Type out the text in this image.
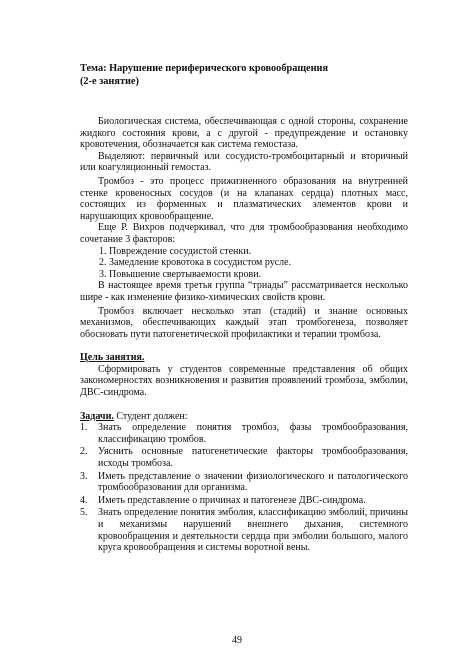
Тема: Нарушение периферического кровообращения
(2-е занятие)

Биологическая система, обеспечивающая с одной стороны, сохранение жидкого состояния крови, а с другой - предупреждение и остановку кровотечения, обозначается как система гемостаза.

Выделяют: первичный или сосудисто-тромбоцитарный и вторичный или коагуляционный гемостаз.

Тромбоз - это процесс прижизненного образования на внутренней стенке кровеносных сосудов (и на клапанах сердца) плотных масс, состоящих из форменных и плазматических элементов крови и нарушающих кровообращение.

Еще Р. Вихров подчеркивал, что для тромбообразования необходимо сочетание 3 факторов:

1. Повреждение сосудистой стенки.
2. Замедление кровотока в сосудистом русле.
3. Повышение свертываемости крови.

В настоящее время третья группа “триады” рассматривается несколько шире - как изменение физико-химических свойств крови.

Тромбоз включает несколько этап (стадий) и знание основных механизмов, обеспечивающих каждый этап тромбогенеза, позволяет обосновать пути патогенетической профилактики и терапии тромбоза.

Цель занятия.

Сформировать у студентов современные представления об общих закономерностях возникновения и развития проявлений тромбоза, эмболии, ДВС-синдрома.

Задачи. Студент должен:
1.	Знать определение понятия тромбоз, фазы тромбообразования, классификацию тромбов.
2.	Уяснить основные патогенетические факторы тромбообразования, исходы тромбоза.
3.	Иметь представление о значении физиологического и патологического тромбообразования для организма.
4.	Иметь представление о причинах и патогенезе ДВС-синдрома.
5.	Знать определение понятия эмболия, классификацию эмболий, причины и механизмы нарушений внешнего дыхания, системного кровообращения и деятельности сердца при эмболии большого, малого круга кровообращения и системы воротной вены.
49
